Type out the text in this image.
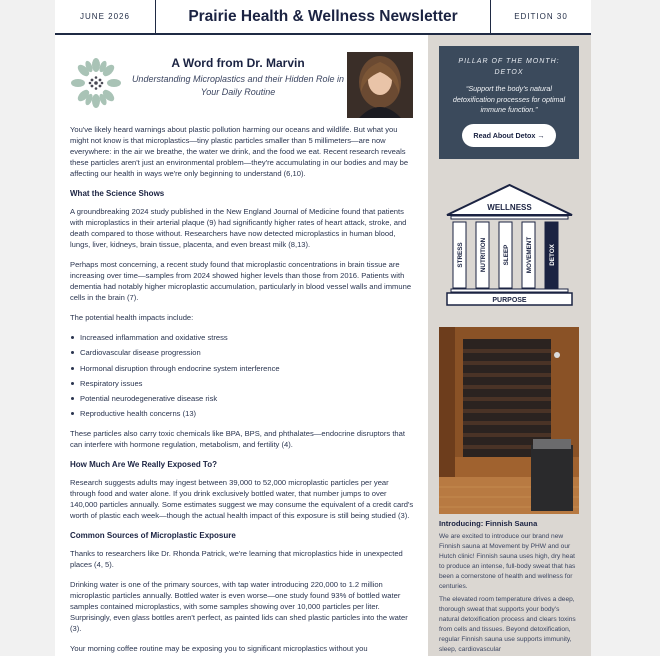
JUNE 2026	Prairie Health & Wellness Newsletter	EDITION 30
A Word from Dr. Marvin
Understanding Microplastics and their Hidden Role in Your Daily Routine

You've likely heard warnings about plastic pollution harming our oceans and wildlife. But what you might not know is that microplastics—tiny plastic particles smaller than 5 millimeters—are now everywhere: in the air we breathe, the water we drink, and the food we eat. Recent research reveals these particles aren't just an environmental problem—they're accumulating in our bodies and may be affecting our health in ways we're only beginning to understand (6,10).

What the Science Shows

A groundbreaking 2024 study published in the New England Journal of Medicine found that patients with microplastics in their arterial plaque (9) had significantly higher rates of heart attack, stroke, and death compared to those without. Researchers have now detected microplastics in human blood, lungs, liver, kidneys, brain tissue, placenta, and even breast milk (8,13).

Perhaps most concerning, a recent study found that microplastic concentrations in brain tissue are increasing over time—samples from 2024 showed higher levels than those from 2016. Patients with dementia had notably higher microplastic accumulation, particularly in blood vessel walls and immune cells in the brain (7).

The potential health impacts include:

Increased inflammation and oxidative stress
Cardiovascular disease progression
Hormonal disruption through endocrine system interference
Respiratory issues
Potential neurodegenerative disease risk
Reproductive health concerns (13)

These particles also carry toxic chemicals like BPA, BPS, and phthalates—endocrine disruptors that can interfere with hormone regulation, metabolism, and fertility (4).

How Much Are We Really Exposed To?

Research suggests adults may ingest between 39,000 to 52,000 microplastic particles per year through food and water alone. If you drink exclusively bottled water, that number jumps to over 140,000 particles annually. Some estimates suggest we may consume the equivalent of a credit card's worth of plastic each week—though the actual health impact of this exposure is still being studied (3).

Common Sources of Microplastic Exposure

Thanks to researchers like Dr. Rhonda Patrick, we're learning that microplastics hide in unexpected places (4, 5).

Drinking water is one of the primary sources, with tap water introducing 220,000 to 1.2 million microplastic particles annually. Bottled water is even worse—one study found 93% of bottled water samples contained microplastics, with some samples showing over 10,000 particles per liter. Surprisingly, even glass bottles aren't perfect, as painted lids can shed plastic particles into the water (3).

Your morning coffee routine may be exposing you to significant microplastics without you

PILLAR OF THE MONTH:
DETOX
“Support the body's natural detoxification processes for optimal immune function.”
Read About Detox →
WELLNESS
STRESS	NUTRITION	SLEEP	MOVEMENT	DETOX
PURPOSE
Introducing: Finnish Sauna
We are excited to introduce our brand new Finnish sauna at Movement by PHW and our Hutch clinic! Finnish sauna uses high, dry heat to produce an intense, full-body sweat that has been a cornerstone of health and wellness for centuries.
The elevated room temperature drives a deep, thorough sweat that supports your body's natural detoxification process and clears toxins from cells and tissues. Beyond detoxification, regular Finnish sauna use supports immunity, sleep, cardiovascular
